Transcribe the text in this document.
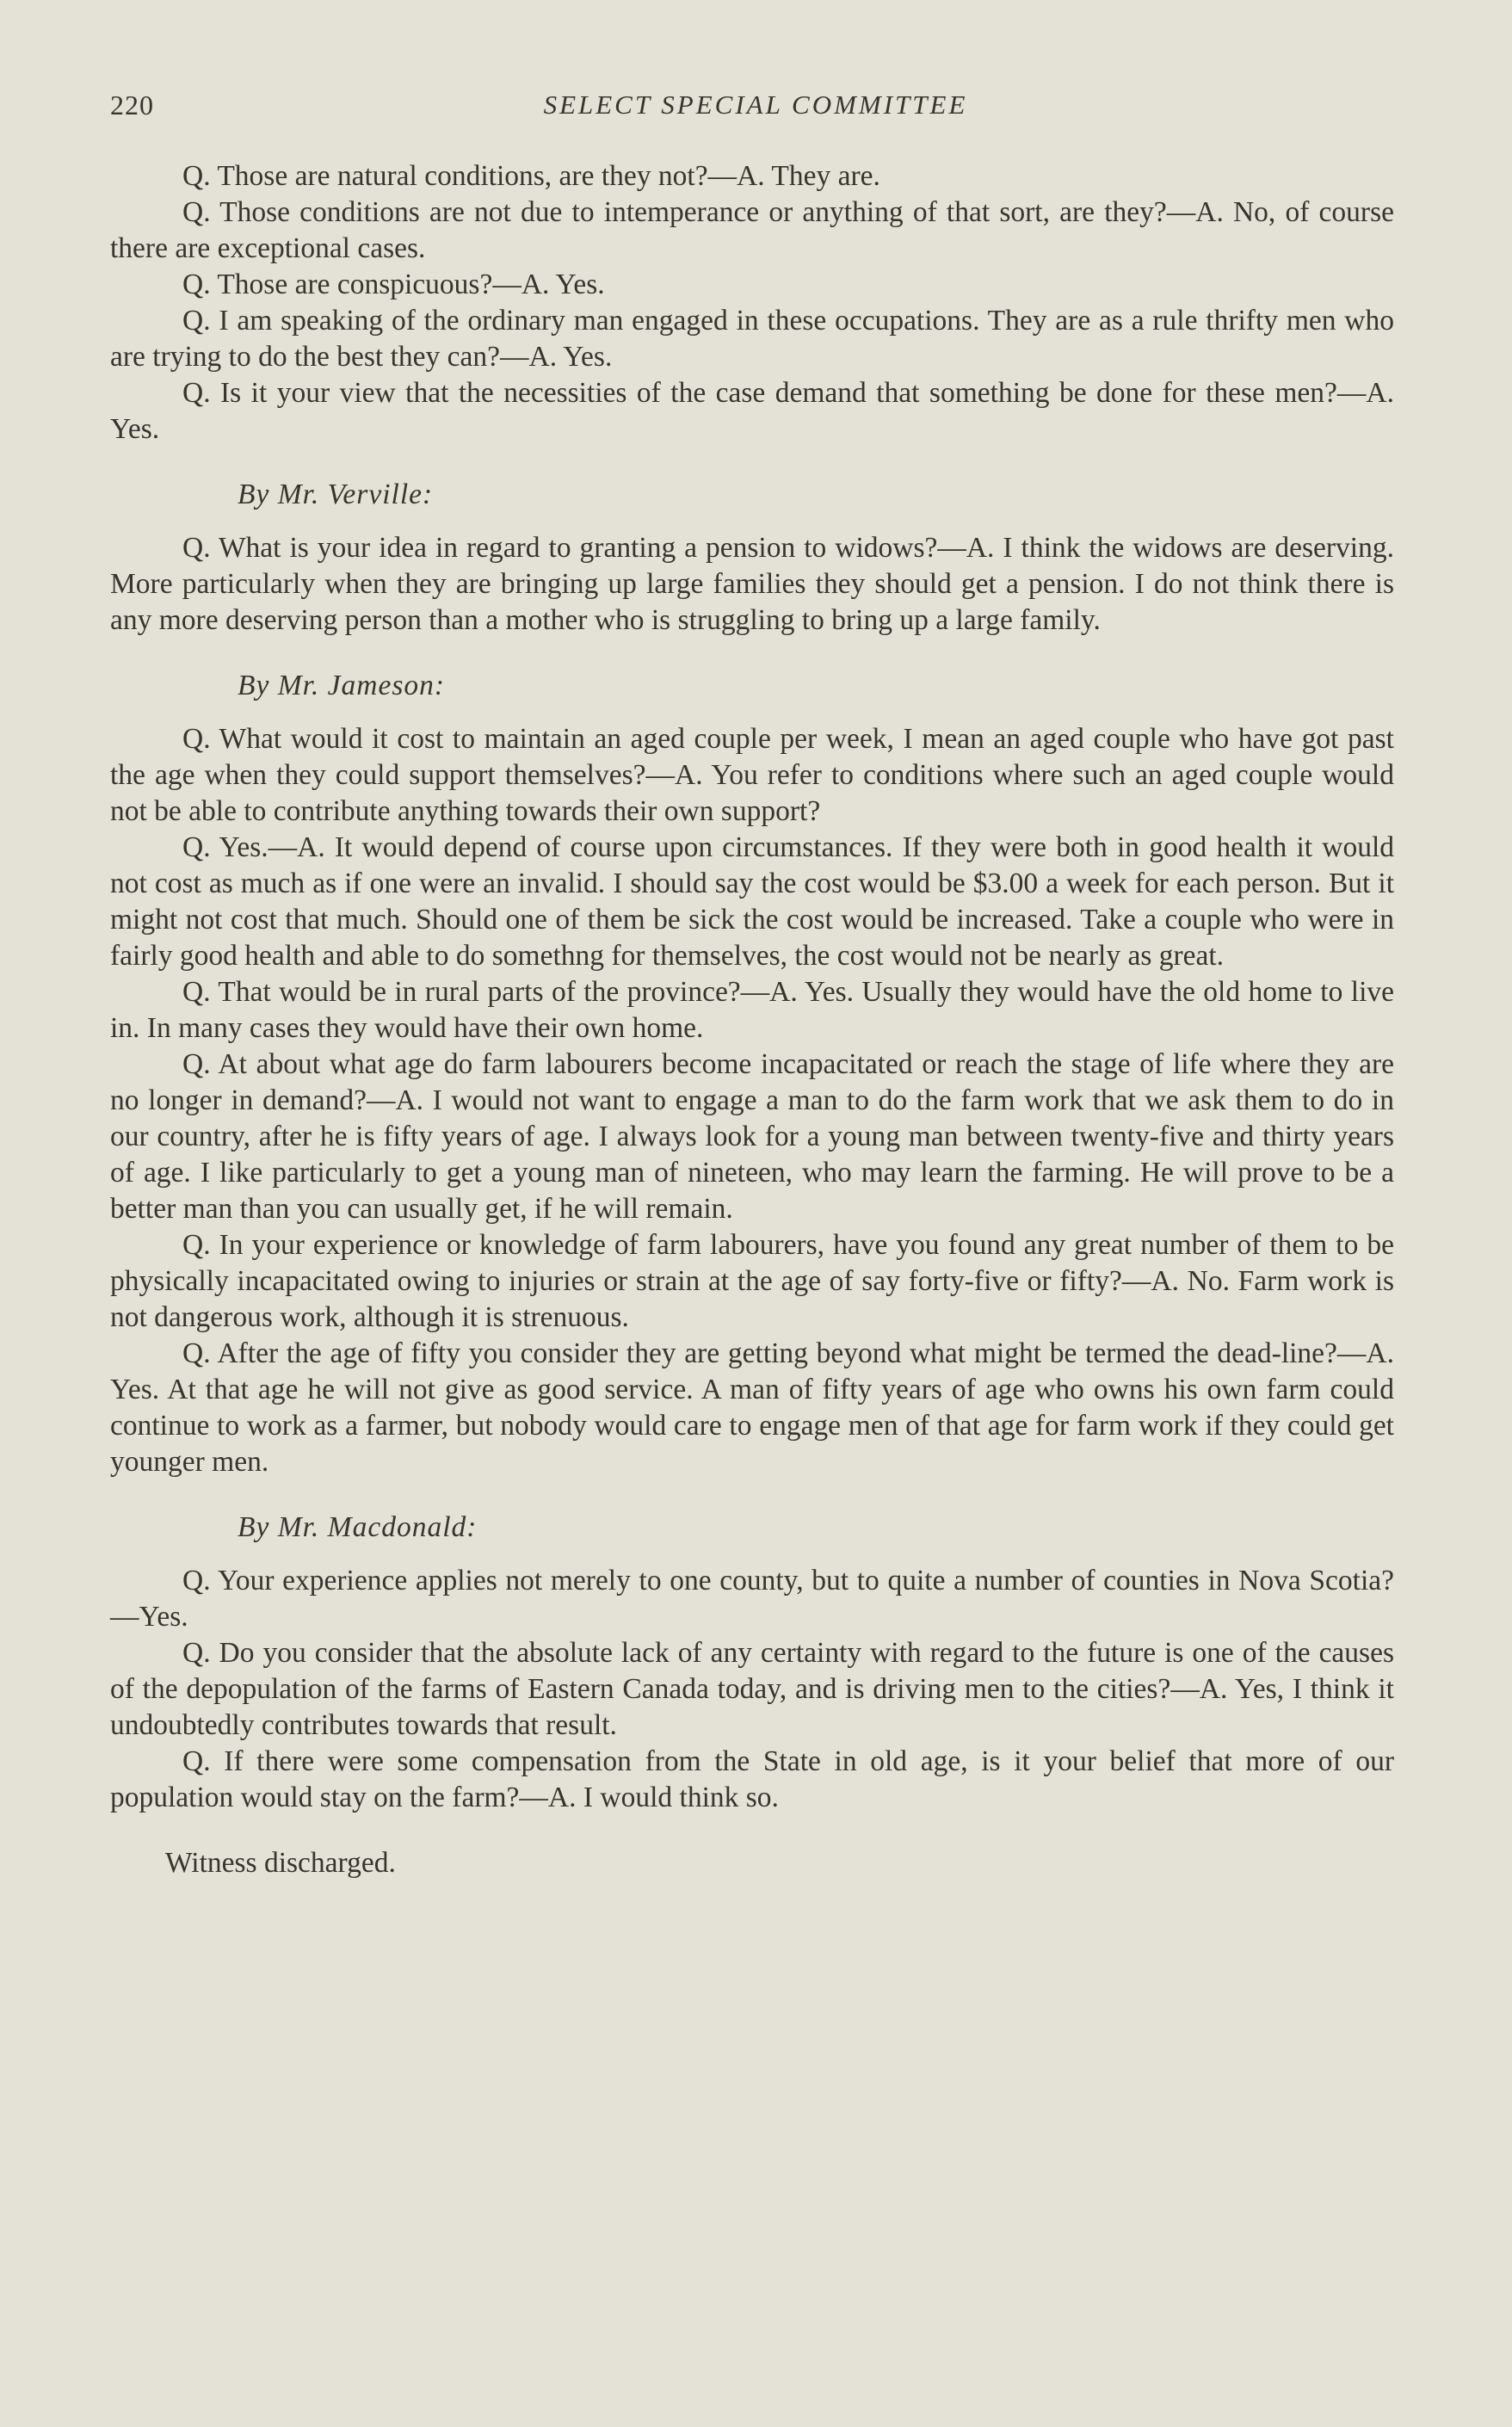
220	SELECT SPECIAL COMMITTEE

Q. Those are natural conditions, are they not?—A. They are.

Q. Those conditions are not due to intemperance or anything of that sort, are they?—A. No, of course there are exceptional cases.

Q. Those are conspicuous?—A. Yes.

Q. I am speaking of the ordinary man engaged in these occupations. They are as a rule thrifty men who are trying to do the best they can?—A. Yes.

Q. Is it your view that the necessities of the case demand that something be done for these men?—A. Yes.

By Mr. Verville:

Q. What is your idea in regard to granting a pension to widows?—A. I think the widows are deserving. More particularly when they are bringing up large families they should get a pension. I do not think there is any more deserving person than a mother who is struggling to bring up a large family.

By Mr. Jameson:

Q. What would it cost to maintain an aged couple per week, I mean an aged couple who have got past the age when they could support themselves?—A. You refer to conditions where such an aged couple would not be able to contribute anything towards their own support?

Q. Yes.—A. It would depend of course upon circumstances. If they were both in good health it would not cost as much as if one were an invalid. I should say the cost would be $3.00 a week for each person. But it might not cost that much. Should one of them be sick the cost would be increased. Take a couple who were in fairly good health and able to do somethng for themselves, the cost would not be nearly as great.

Q. That would be in rural parts of the province?—A. Yes. Usually they would have the old home to live in. In many cases they would have their own home.

Q. At about what age do farm labourers become incapacitated or reach the stage of life where they are no longer in demand?—A. I would not want to engage a man to do the farm work that we ask them to do in our country, after he is fifty years of age. I always look for a young man between twenty-five and thirty years of age. I like particularly to get a young man of nineteen, who may learn the farming. He will prove to be a better man than you can usually get, if he will remain.

Q. In your experience or knowledge of farm labourers, have you found any great number of them to be physically incapacitated owing to injuries or strain at the age of say forty-five or fifty?—A. No. Farm work is not dangerous work, although it is strenuous.

Q. After the age of fifty you consider they are getting beyond what might be termed the dead-line?—A. Yes. At that age he will not give as good service. A man of fifty years of age who owns his own farm could continue to work as a farmer, but nobody would care to engage men of that age for farm work if they could get younger men.

By Mr. Macdonald:

Q. Your experience applies not merely to one county, but to quite a number of counties in Nova Scotia?—Yes.

Q. Do you consider that the absolute lack of any certainty with regard to the future is one of the causes of the depopulation of the farms of Eastern Canada today, and is driving men to the cities?—A. Yes, I think it undoubtedly contributes towards that result.

Q. If there were some compensation from the State in old age, is it your belief that more of our population would stay on the farm?—A. I would think so.

Witness discharged.
